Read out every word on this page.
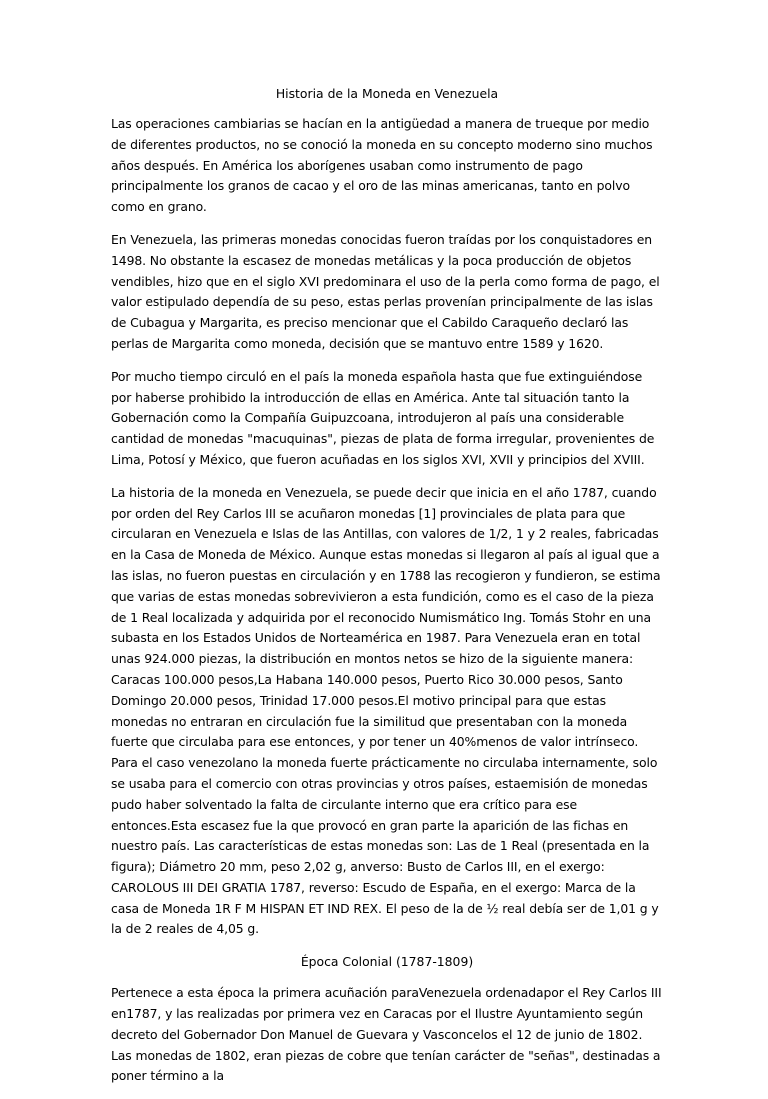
Historia de la Moneda en Venezuela

Las operaciones cambiarias se hacían en la antigüedad a manera de trueque por medio de diferentes productos, no se conoció la moneda en su concepto moderno sino muchos años después. En América los aborígenes usaban como instrumento de pago principalmente los granos de cacao y el oro de las minas americanas, tanto en polvo como en grano.

En Venezuela, las primeras monedas conocidas fueron traídas por los conquistadores en 1498. No obstante la escasez de monedas metálicas y la poca producción de objetos vendibles, hizo que en el siglo XVI predominara el uso de la perla como forma de pago, el valor estipulado dependía de su peso, estas perlas provenían principalmente de las islas de Cubagua y Margarita, es preciso mencionar que el Cabildo Caraqueño declaró las perlas de Margarita como moneda, decisión que se mantuvo entre 1589 y 1620.

Por mucho tiempo circuló en el país la moneda española hasta que fue extinguiéndose por haberse prohibido la introducción de ellas en América. Ante tal situación tanto la Gobernación como la Compañía Guipuzcoana, introdujeron al país una considerable cantidad de monedas "macuquinas", piezas de plata de forma irregular, provenientes de Lima, Potosí y México, que fueron acuñadas en los siglos XVI, XVII y principios del XVIII.

La historia de la moneda en Venezuela, se puede decir que inicia en el año 1787, cuando por orden del Rey Carlos III se acuñaron monedas [1] provinciales de plata para que circularan en Venezuela e Islas de las Antillas, con valores de 1/2, 1 y 2 reales, fabricadas en la Casa de Moneda de México. Aunque estas monedas si llegaron al país al igual que a las islas, no fueron puestas en circulación y en 1788 las recogieron y fundieron, se estima que varias de estas monedas sobrevivieron a esta fundición, como es el caso de la pieza de 1 Real localizada y adquirida por el reconocido Numismático Ing. Tomás Stohr en una subasta en los Estados Unidos de Norteamérica en 1987. Para Venezuela eran en total unas 924.000 piezas, la distribución en montos netos se hizo de la siguiente manera: Caracas 100.000 pesos,La Habana 140.000 pesos, Puerto Rico 30.000 pesos, Santo Domingo 20.000 pesos, Trinidad 17.000 pesos.El motivo principal para que estas monedas no entraran en circulación fue la similitud que presentaban con la moneda fuerte que circulaba para ese entonces, y por tener un 40%menos de valor intrínseco. Para el caso venezolano la moneda fuerte prácticamente no circulaba internamente, solo se usaba para el comercio con otras provincias y otros países, estaemisión de monedas pudo haber solventado la falta de circulante interno que era crítico para ese entonces.Esta escasez fue la que provocó en gran parte la aparición de las fichas en nuestro país. Las características de estas monedas son: Las de 1 Real (presentada en la figura); Diámetro 20 mm, peso 2,02 g, anverso: Busto de Carlos III, en el exergo: CAROLOUS III DEI GRATIA 1787, reverso: Escudo de España, en el exergo: Marca de la casa de Moneda 1R F M HISPAN ET IND REX. El peso de la de ½ real debía ser de 1,01 g y la de 2 reales de 4,05 g.

Época Colonial (1787-1809)

Pertenece a esta época la primera acuñación paraVenezuela ordenadapor el Rey Carlos III en1787, y las realizadas por primera vez en Caracas por el Ilustre Ayuntamiento según decreto del Gobernador Don Manuel de Guevara y Vasconcelos el 12 de junio de 1802. Las monedas de 1802, eran piezas de cobre que tenían carácter de "señas", destinadas a poner término a la
